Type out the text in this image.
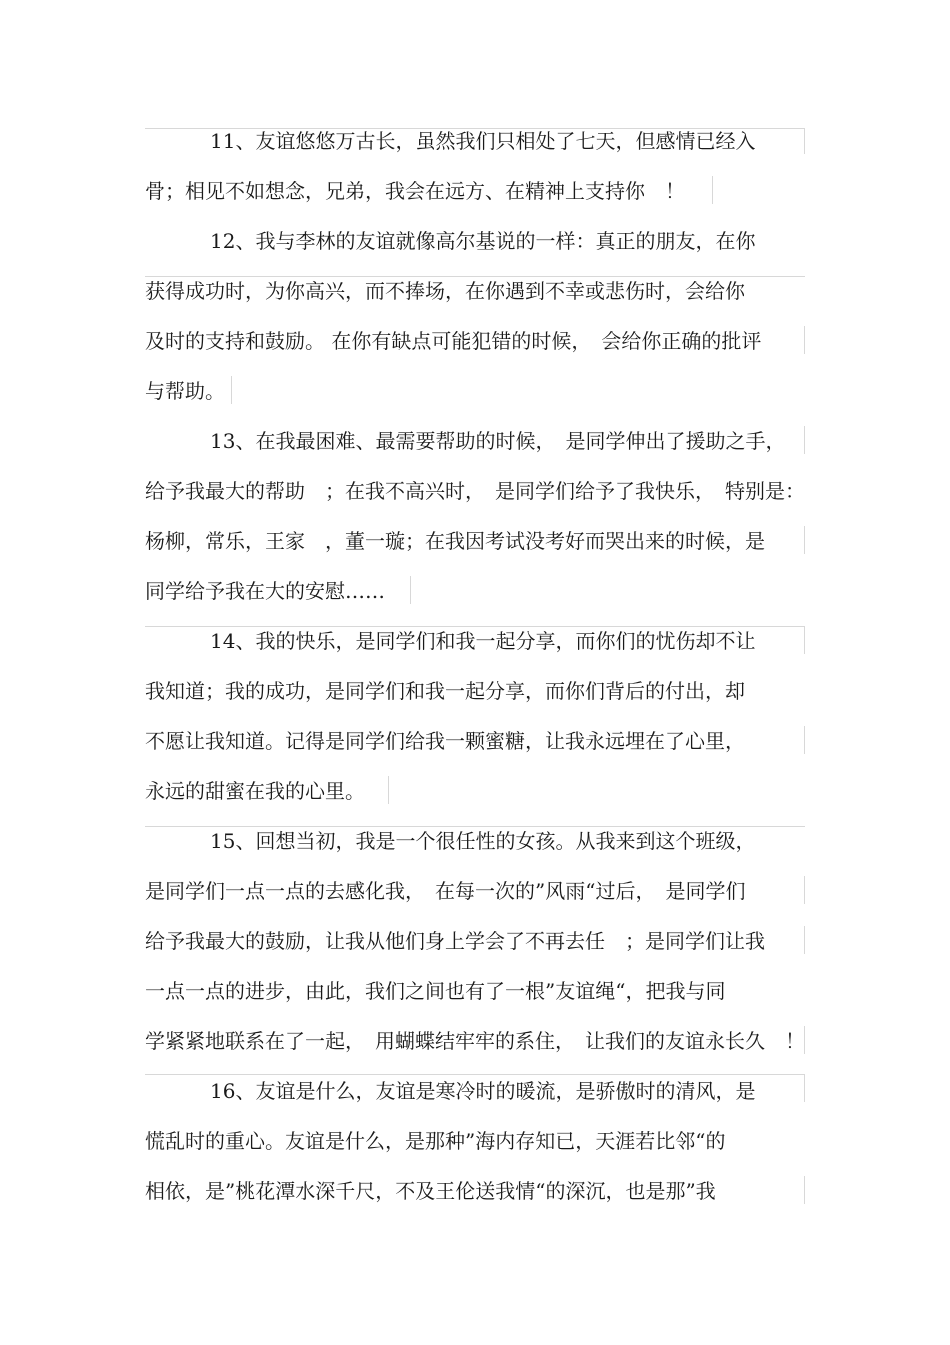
11、友谊悠悠万古长，虽然我们只相处了七天，但感情已经入
骨；相见不如想念，兄弟，我会在远方、在精神上支持你　！
12、我与李林的友谊就像高尔基说的一样：真正的朋友，在你
获得成功时，为你高兴，而不捧场，在你遇到不幸或悲伤时，会给你
及时的支持和鼓励。 在你有缺点可能犯错的时候，　会给你正确的批评
与帮助。
13、在我最困难、最需要帮助的时候，　是同学伸出了援助之手，
给予我最大的帮助　；在我不高兴时，　是同学们给予了我快乐，　特别是：
杨柳，常乐，王家　，董一璇；在我因考试没考好而哭出来的时候，是
同学给予我在大的安慰……
14、我的快乐，是同学们和我一起分享，而你们的忧伤却不让
我知道；我的成功，是同学们和我一起分享，而你们背后的付出，却
不愿让我知道。记得是同学们给我一颗蜜糖，让我永远埋在了心里，
永远的甜蜜在我的心里。
15、回想当初，我是一个很任性的女孩。从我来到这个班级，
是同学们一点一点的去感化我，　在每一次的”风雨“过后，　是同学们
给予我最大的鼓励，让我从他们身上学会了不再去任　；是同学们让我
一点一点的进步，由此，我们之间也有了一根”友谊绳“，把我与同
学紧紧地联系在了一起，　用蝴蝶结牢牢的系住，　让我们的友谊永长久　！
16、友谊是什么，友谊是寒冷时的暖流，是骄傲时的清风，是
慌乱时的重心。友谊是什么，是那种”海内存知已，天涯若比邻“的
相依，是”桃花潭水深千尺，不及王伦送我情“的深沉，也是那”我
